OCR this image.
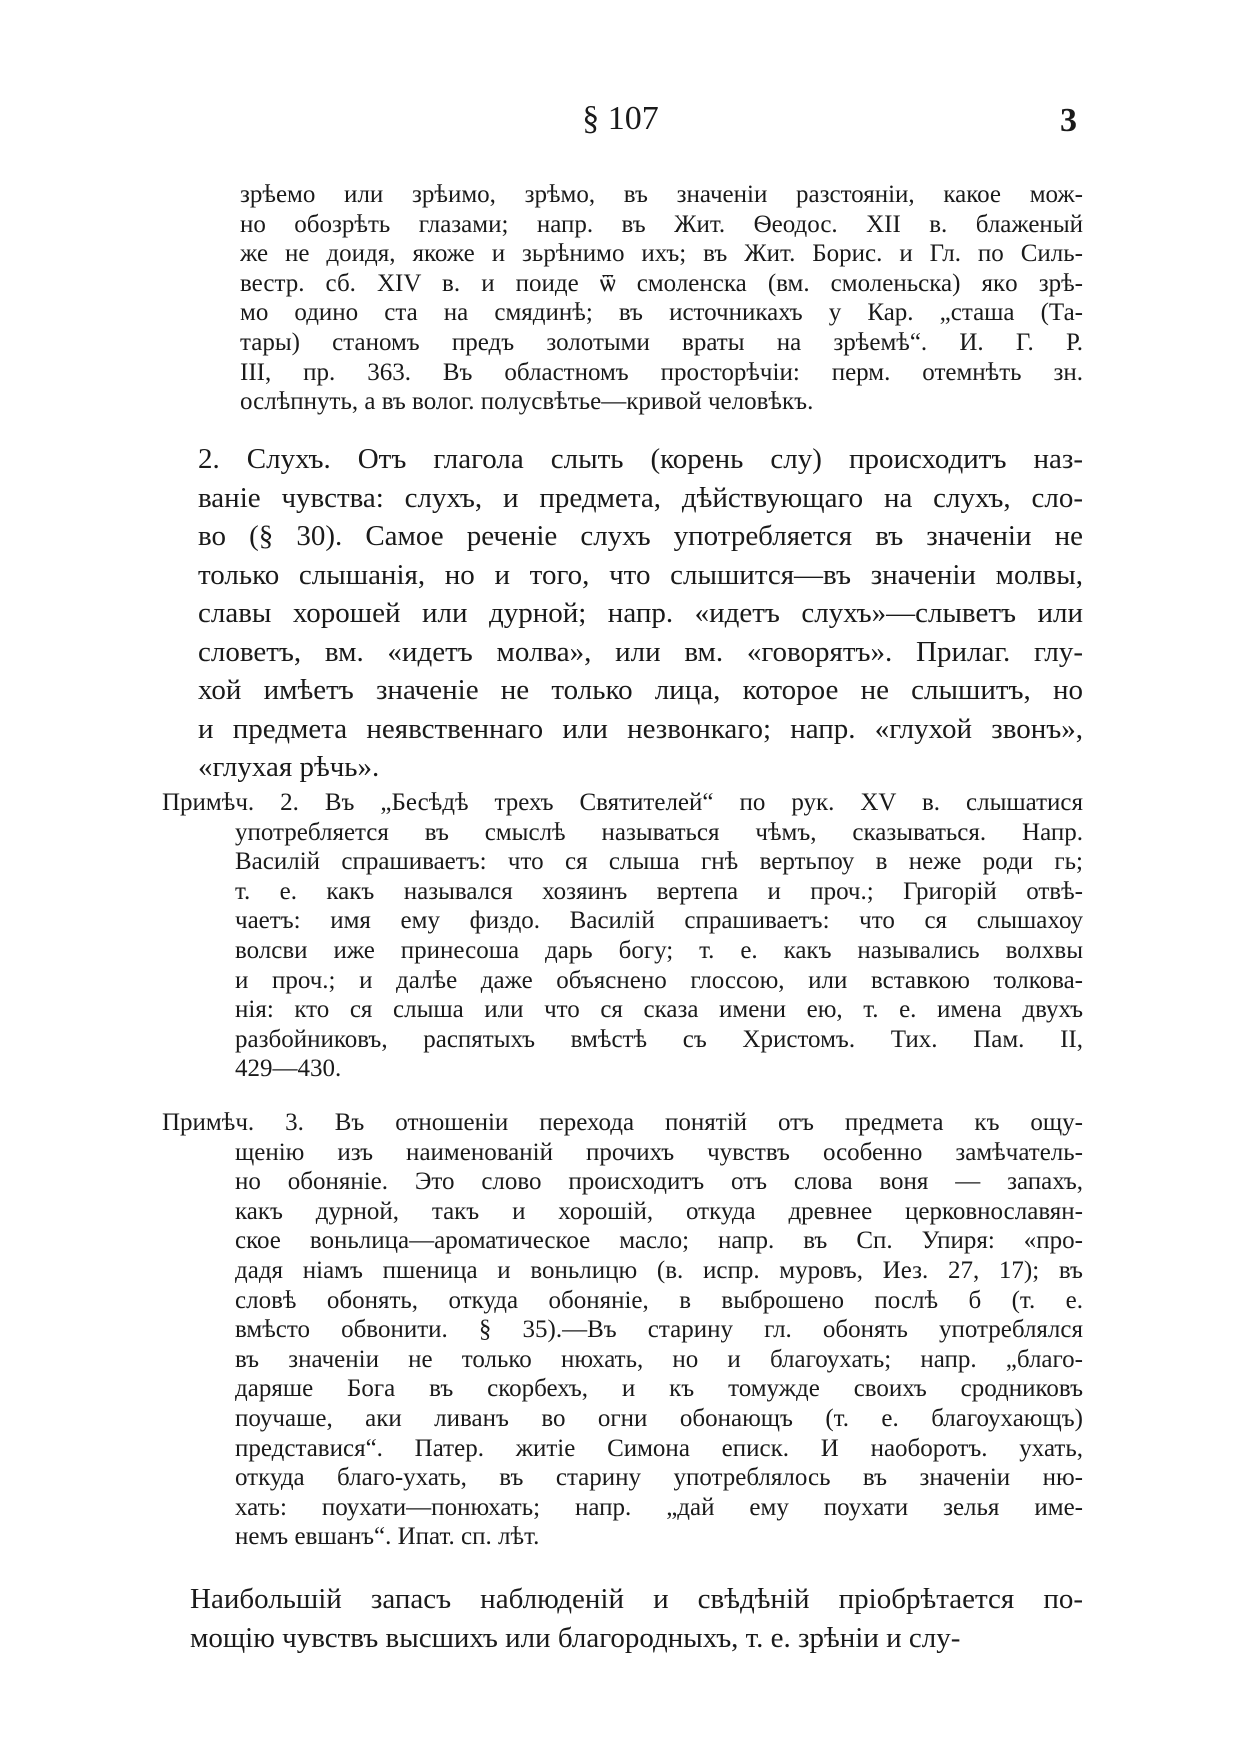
§ 107	3
зрѣемо или зрѣимо, зрѣмо, въ значеніи разстояніи, какое мож-
но обозрѣть глазами; напр. въ Жит. Ѳеодос. XII в. блаженый
же не доидя, якоже и зьрѣнимо ихъ; въ Жит. Борис. и Гл. по Силь-
вестр. сб. XIV в. и поиде ѿ смоленска (вм. смоленьска) якo зрѣ-
мо одино ста на смядинѣ; въ источникахъ у Кар. „сташа (Та-
тары) станомъ предъ золотыми враты на зрѣемѣ“. И. Г. Р.
III, пр. 363. Въ областномъ просторѣчіи: перм. отемнѣть зн.
ослѣпнуть, а въ волог. полусвѣтье—кривой человѣкъ.
2. Слухъ. Отъ глагола слыть (корень слу) происходитъ наз-
ваніе чувства: слухъ, и предмета, дѣйствующаго на слухъ, сло-
во (§ 30). Самое реченіе слухъ употребляется въ значеніи не
только слышанія, но и того, что слышится—въ значеніи молвы,
славы хорошей или дурной; напр. «идетъ слухъ»—слыветъ или
словетъ, вм. «идетъ молва», или вм. «говорятъ». Прилаг. глу-
хой имѣетъ значеніе не только лица, которое не слышитъ, но
и предмета неявственнаго или незвонкаго; напр. «глухой звонъ»,
«глухая рѣчь».
Примѣч. 2. Въ „Бесѣдѣ трехъ Святителей“ по рук. XV в. слышатися
употребляется въ смыслѣ называться чѣмъ, сказываться. Напр.
Василій спрашиваетъ: что ся слыша гнѣ вертьпоу в неже роди гь;
т. е. какъ назывался хозяинъ вертепа и проч.; Григорій отвѣ-
чаетъ: имя ему физдо. Василій спрашиваетъ: что ся слышахоу
волсви иже принесоша дарь богу; т. е. какъ назывались волхвы
и проч.; и далѣе даже объяснено глоссою, или вставкою толкова-
нія: кто ся слыша или что ся сказа имени ею, т. е. имена двухъ
разбойниковъ, распятыхъ вмѣстѣ съ Христомъ. Тих. Пам. II,
429—430.
Примѣч. 3. Въ отношеніи перехода понятій отъ предмета къ ощу-
щенію изъ наименованій прочихъ чувствъ особенно замѣчатель-
но обоняніе. Это слово происходитъ отъ слова воня — запахъ,
какъ дурной, такъ и хорошій, откуда древнее церковнославян-
ское воньлица—ароматическое масло; напр. въ Сп. Упиря: «про-
дадя ніамъ пшеница и воньлицю (в. испр. муровъ, Иез. 27, 17); въ
словѣ обонять, откуда обоняніе, в выброшено послѣ б (т. е.
вмѣсто обвонити. § 35).—Въ старину гл. обонять употреблялся
въ значеніи не только нюхать, но и благоухать; напр. „благо-
даряше Бога въ скорбехъ, и къ томужде своихъ сродниковъ
поучаше, аки ливанъ во огни обонающъ (т. е. благоухающъ)
представися“. Патер. житіе Симона еписк. И наоборотъ. ухать,
откуда благо-ухать, въ старину употреблялось въ значеніи ню-
хать: поухати—понюхать; напр. „дай ему поухати зелья име-
немъ евшанъ“. Ипат. сп. лѣт.
Наибольшій запасъ наблюденій и свѣдѣній пріобрѣтается по-
мощію чувствъ высшихъ или благородныхъ, т. е. зрѣніи и слу-
